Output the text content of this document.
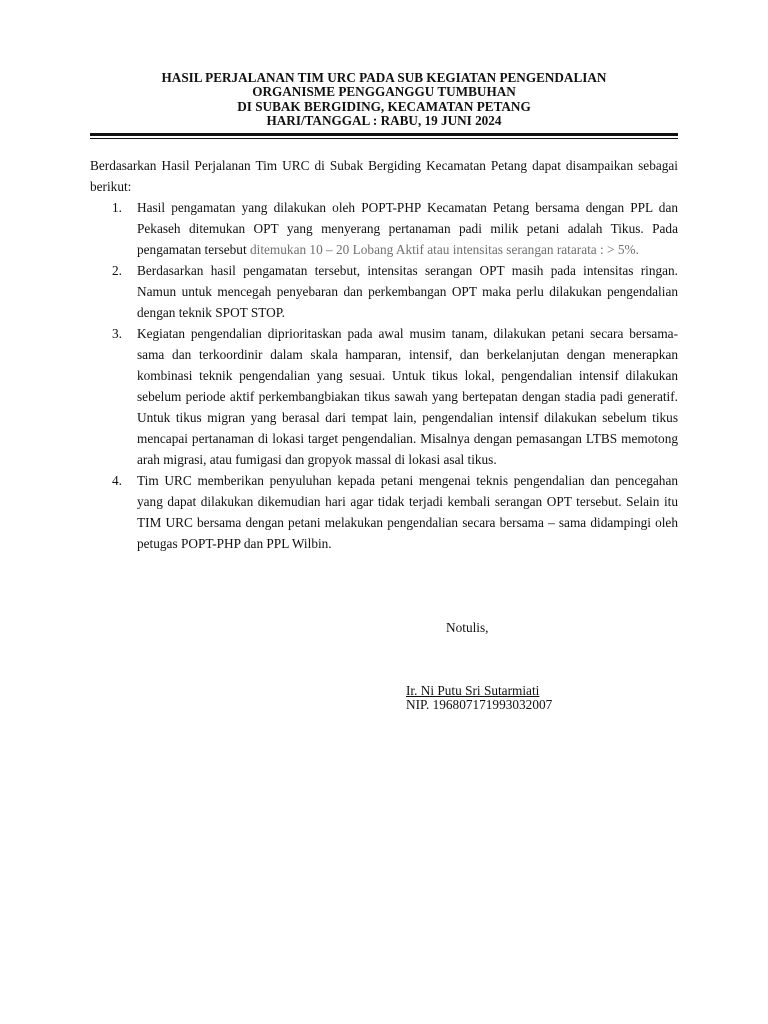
HASIL PERJALANAN TIM URC PADA SUB KEGIATAN PENGENDALIAN
ORGANISME PENGGANGGU TUMBUHAN
DI SUBAK BERGIDING, KECAMATAN PETANG
HARI/TANGGAL : RABU, 19 JUNI 2024
Berdasarkan Hasil Perjalanan Tim URC di Subak Bergiding Kecamatan Petang dapat disampaikan sebagai berikut:
1. Hasil pengamatan yang dilakukan oleh POPT-PHP Kecamatan Petang bersama dengan PPL dan Pekaseh ditemukan OPT yang menyerang pertanaman padi milik petani adalah Tikus. Pada pengamatan tersebut ditemukan 10 – 20 Lobang Aktif atau intensitas serangan ratarata : > 5%.
2. Berdasarkan hasil pengamatan tersebut, intensitas serangan OPT masih pada intensitas ringan. Namun untuk mencegah penyebaran dan perkembangan OPT maka perlu dilakukan pengendalian dengan teknik SPOT STOP.
3. Kegiatan pengendalian diprioritaskan pada awal musim tanam, dilakukan petani secara bersama-sama dan terkoordinir dalam skala hamparan, intensif, dan berkelanjutan dengan menerapkan kombinasi teknik pengendalian yang sesuai. Untuk tikus lokal, pengendalian intensif dilakukan sebelum periode aktif perkembangbiakan tikus sawah yang bertepatan dengan stadia padi generatif. Untuk tikus migran yang berasal dari tempat lain, pengendalian intensif dilakukan sebelum tikus mencapai pertanaman di lokasi target pengendalian. Misalnya dengan pemasangan LTBS memotong arah migrasi, atau fumigasi dan gropyok massal di lokasi asal tikus.
4. Tim URC memberikan penyuluhan kepada petani mengenai teknis pengendalian dan pencegahan yang dapat dilakukan dikemudian hari agar tidak terjadi kembali serangan OPT tersebut. Selain itu TIM URC bersama dengan petani melakukan pengendalian secara bersama – sama didampingi oleh petugas POPT-PHP dan PPL Wilbin.
Notulis,
Ir. Ni Putu Sri Sutarmiati
NIP. 196807171993032007
